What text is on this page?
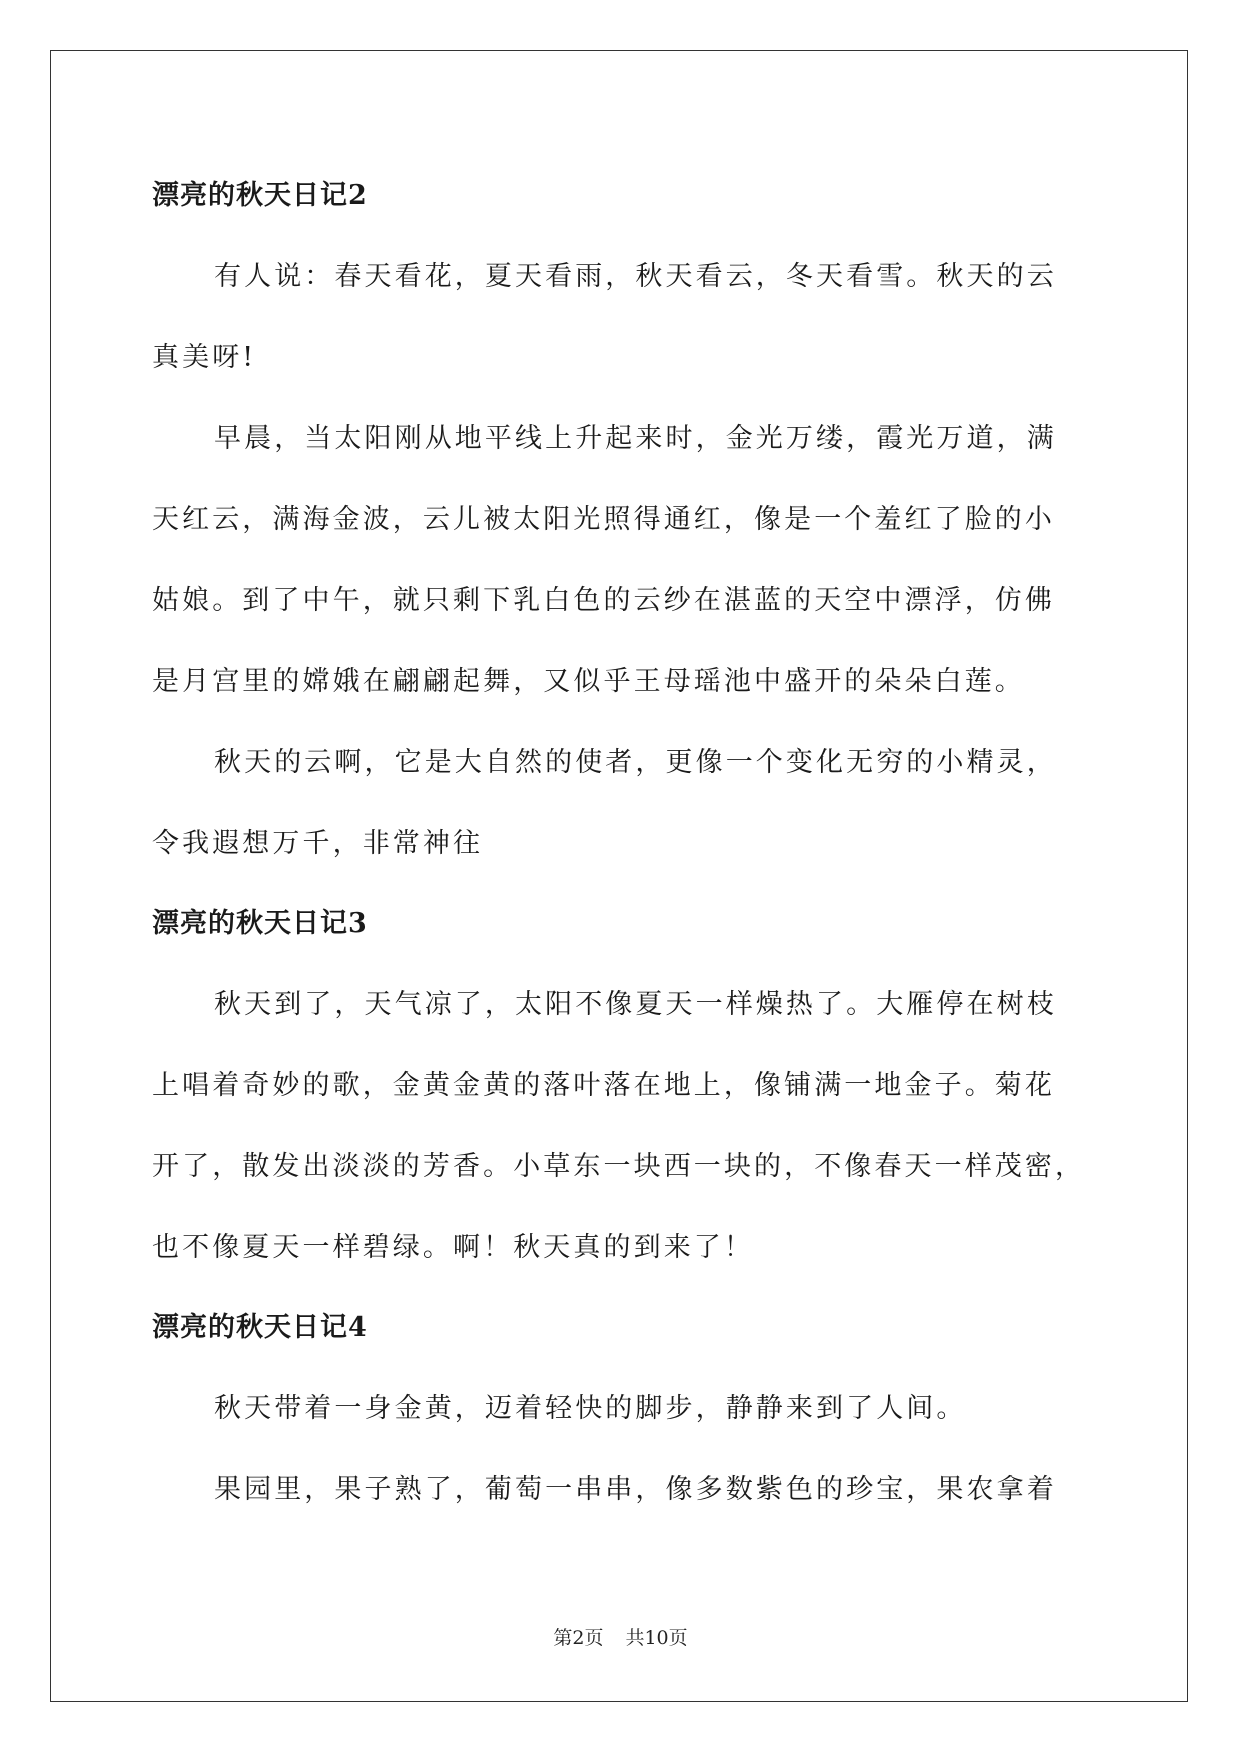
漂亮的秋天日记2

有人说：春天看花，夏天看雨，秋天看云，冬天看雪。秋天的云
真美呀!

早晨，当太阳刚从地平线上升起来时，金光万缕，霞光万道，满
天红云，满海金波，云儿被太阳光照得通红，像是一个羞红了脸的小
姑娘。到了中午，就只剩下乳白色的云纱在湛蓝的天空中漂浮，仿佛
是月宫里的嫦娥在翩翩起舞，又似乎王母瑶池中盛开的朵朵白莲。

秋天的云啊，它是大自然的使者，更像一个变化无穷的小精灵，
令我遐想万千，非常神往

漂亮的秋天日记3

秋天到了，天气凉了，太阳不像夏天一样燥热了。大雁停在树枝
上唱着奇妙的歌，金黄金黄的落叶落在地上，像铺满一地金子。菊花
开了，散发出淡淡的芳香。小草东一块西一块的，不像春天一样茂密，
也不像夏天一样碧绿。啊！秋天真的到来了！

漂亮的秋天日记4

秋天带着一身金黄，迈着轻快的脚步，静静来到了人间。

果园里，果子熟了，葡萄一串串，像多数紫色的珍宝，果农拿着

第2页 共10页
